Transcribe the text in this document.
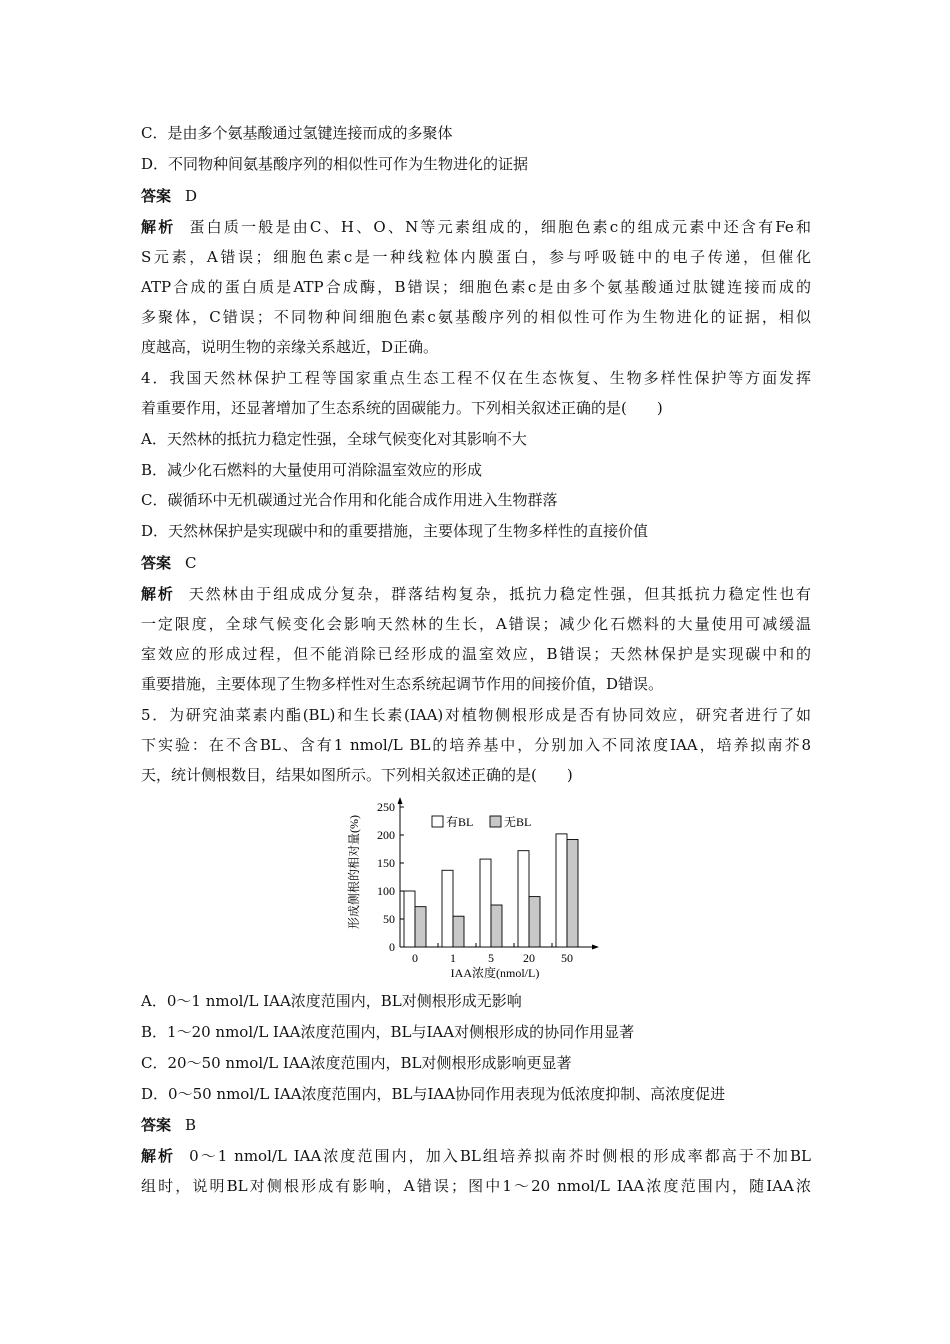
C．是由多个氨基酸通过氢键连接而成的多聚体
D．不同物种间氨基酸序列的相似性可作为生物进化的证据
答案 D
解析 蛋白质一般是由C、H、O、N等元素组成的，细胞色素c的组成元素中还含有Fe和
S元素，A错误；细胞色素c是一种线粒体内膜蛋白，参与呼吸链中的电子传递，但催化
ATP合成的蛋白质是ATP合成酶，B错误；细胞色素c是由多个氨基酸通过肽键连接而成的
多聚体，C错误；不同物种间细胞色素c氨基酸序列的相似性可作为生物进化的证据，相似
度越高，说明生物的亲缘关系越近，D正确。
4．我国天然林保护工程等国家重点生态工程不仅在生态恢复、生物多样性保护等方面发挥
着重要作用，还显著增加了生态系统的固碳能力。下列相关叙述正确的是(　　)
A．天然林的抵抗力稳定性强，全球气候变化对其影响不大
B．减少化石燃料的大量使用可消除温室效应的形成
C．碳循环中无机碳通过光合作用和化能合成作用进入生物群落
D．天然林保护是实现碳中和的重要措施，主要体现了生物多样性的直接价值
答案 C
解析 天然林由于组成成分复杂，群落结构复杂，抵抗力稳定性强，但其抵抗力稳定性也有
一定限度，全球气候变化会影响天然林的生长，A错误；减少化石燃料的大量使用可减缓温
室效应的形成过程，但不能消除已经形成的温室效应，B错误；天然林保护是实现碳中和的
重要措施，主要体现了生物多样性对生态系统起调节作用的间接价值，D错误。
5．为研究油菜素内酯(BL)和生长素(IAA)对植物侧根形成是否有协同效应，研究者进行了如
下实验：在不含BL、含有1 nmol/L BL的培养基中，分别加入不同浓度IAA，培养拟南芥8
天，统计侧根数目，结果如图所示。下列相关叙述正确的是(　　)
0
50
100
150
200
250
0	1	5 20 50
有BL	无BL
IAA浓度(nmol/L)
形成侧根的相对量(%)
A．0～1 nmol/L IAA浓度范围内，BL对侧根形成无影响
B．1～20 nmol/L IAA浓度范围内，BL与IAA对侧根形成的协同作用显著
C．20～50 nmol/L IAA浓度范围内，BL对侧根形成影响更显著
D．0～50 nmol/L IAA浓度范围内，BL与IAA协同作用表现为低浓度抑制、高浓度促进
答案 B
解析 0～1 nmol/L IAA浓度范围内，加入BL组培养拟南芥时侧根的形成率都高于不加BL
组时，说明BL对侧根形成有影响，A错误；图中1～20 nmol/L IAA浓度范围内，随IAA浓
